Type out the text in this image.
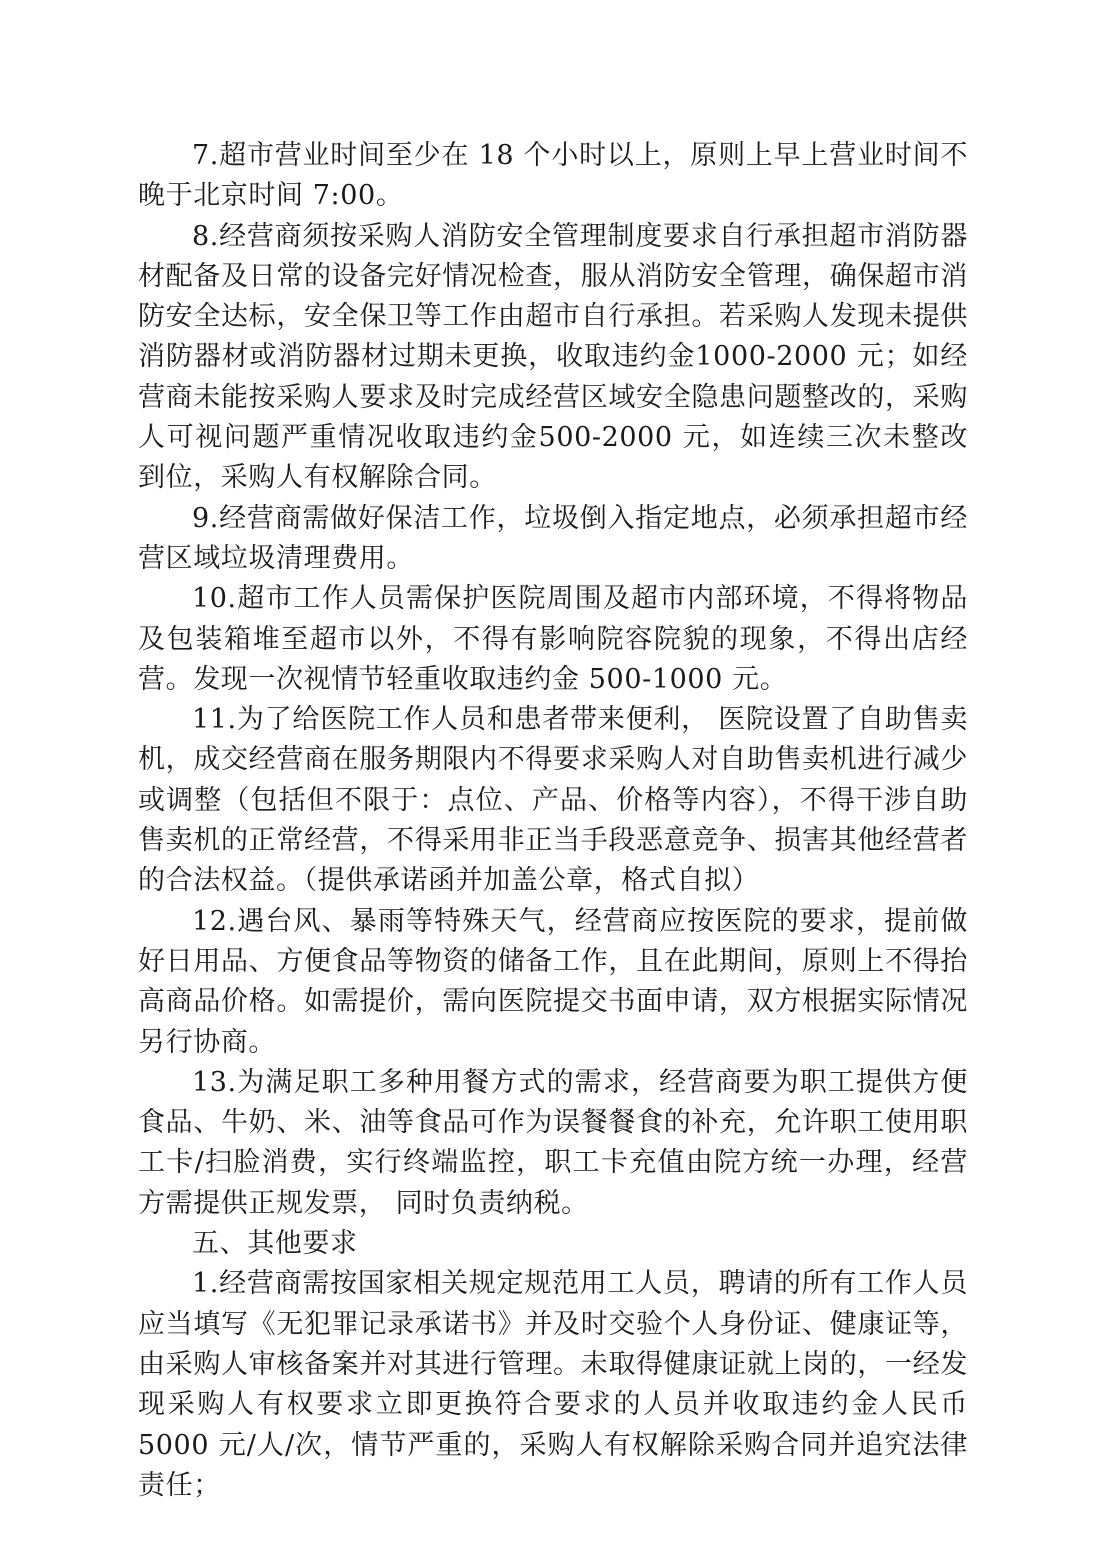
7.超市营业时间至少在 18 个小时以上，原则上早上营业时间不晚于北京时间 7:00。

8.经营商须按采购人消防安全管理制度要求自行承担超市消防器材配备及日常的设备完好情况检查，服从消防安全管理，确保超市消防安全达标，安全保卫等工作由超市自行承担。若采购人发现未提供消防器材或消防器材过期未更换，收取违约金1000-2000 元；如经营商未能按采购人要求及时完成经营区域安全隐患问题整改的，采购人可视问题严重情况收取违约金500-2000 元，如连续三次未整改到位，采购人有权解除合同。

9.经营商需做好保洁工作，垃圾倒入指定地点，必须承担超市经营区域垃圾清理费用。

10.超市工作人员需保护医院周围及超市内部环境，不得将物品及包装箱堆至超市以外，不得有影响院容院貌的现象，不得出店经营。发现一次视情节轻重收取违约金 500-1000 元。

11.为了给医院工作人员和患者带来便利， 医院设置了自助售卖机，成交经营商在服务期限内不得要求采购人对自助售卖机进行减少或调整（包括但不限于：点位、产品、价格等内容），不得干涉自助售卖机的正常经营，不得采用非正当手段恶意竞争、损害其他经营者的合法权益。（提供承诺函并加盖公章，格式自拟）

12.遇台风、暴雨等特殊天气，经营商应按医院的要求，提前做好日用品、方便食品等物资的储备工作，且在此期间，原则上不得抬高商品价格。如需提价，需向医院提交书面申请，双方根据实际情况另行协商。

13.为满足职工多种用餐方式的需求，经营商要为职工提供方便食品、牛奶、米、油等食品可作为误餐餐食的补充，允许职工使用职工卡/扫脸消费，实行终端监控，职工卡充值由院方统一办理，经营方需提供正规发票， 同时负责纳税。

五、其他要求

1.经营商需按国家相关规定规范用工人员，聘请的所有工作人员应当填写《无犯罪记录承诺书》并及时交验个人身份证、健康证等，由采购人审核备案并对其进行管理。未取得健康证就上岗的，一经发现采购人有权要求立即更换符合要求的人员并收取违约金人民币 5000 元/人/次，情节严重的，采购人有权解除采购合同并追究法律责任；
